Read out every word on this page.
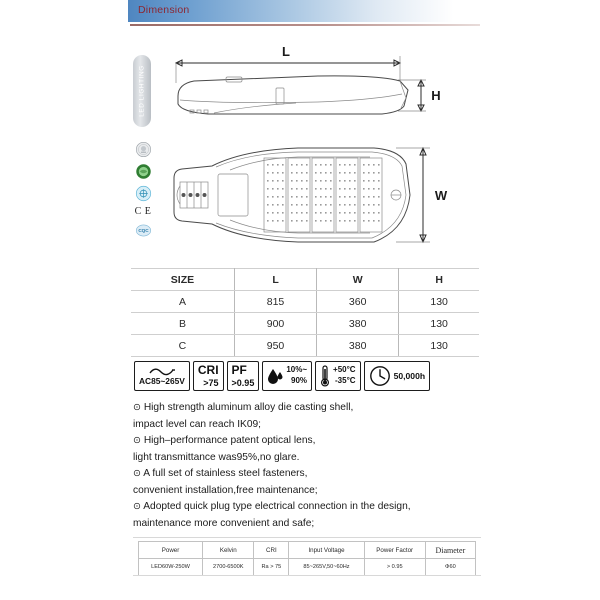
Dimension
LED LIGHTING
C E
CQC
L
H
W
SIZE	L	W	H
A	815	360	130
B	900	380	130
C	950	380	130
AC85~265V
CRI
>75
PF
>0.95
10%~
90%
+50°C
-35°C	50,000h
⊙ High strength aluminum alloy die casting shell,
impact level can reach IK09;
⊙ High–performance patent optical lens,
light transmittance was95%,no glare.
⊙ A full set of stainless steel fasteners,
convenient installation,free maintenance;
⊙ Adopted quick plug type electrical connection in the design,
maintenance more convenient and safe;
Power	Kelvin	CRI	Input Voltage	Power Factor	Diameter
LED60W-250W	2700-6500K	Ra > 75	85~265V,50~60Hz	> 0.95	Φ60
